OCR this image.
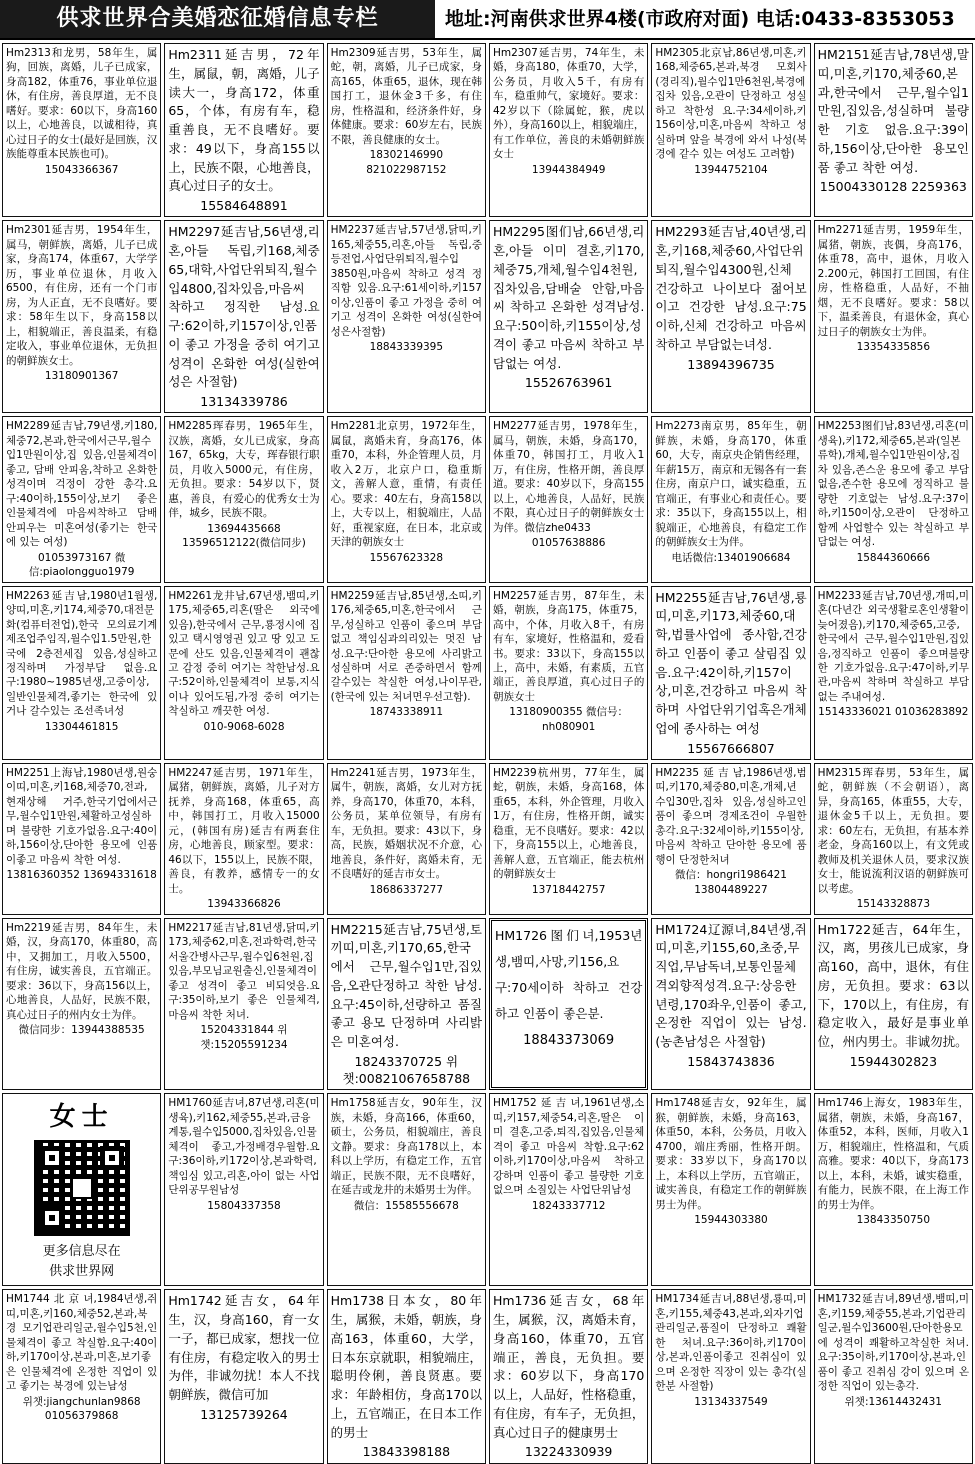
供求世界合美婚恋征婚信息专栏	地址:河南供求世界4楼(市政府对面) 电话:0433-8353053
Hm2313和龙男，58年生，属狗，回族，离婚，儿子已成家，身高182，体重76，事业单位退休，有住房，善良厚道，无不良嗜好。要求：60以下，身高160以上，心地善良，以诚相待，真心过日子的女士(最好是回族，汉族能尊重本民族也可)。
15043366367
Hm2311延吉男，72年生，属鼠，朝，离婚，儿子读大一，身高172，体重65，个体，有房有车，稳重善良，无不良嗜好。要求：49以下，身高155以上，民族不限，心地善良，真心过日子的女士。
15584648891
Hm2309延吉男，53年生，属蛇，朝，离婚，儿子已成家，身高165，体重65，退休，现在韩国打工，退休金3千多，有住房，性格温和，经济条件好，身体健康。要求：60岁左右，民族不限，善良健康的女士。
18302146990 821022987152
Hm2307延吉男，74年生，未婚，身高180，体重70，大学，公务员，月收入5千，有房有车，稳重帅气，家境好。要求：42岁以下（除属蛇，猴，虎以外），身高160以上，相貌端庄，有工作单位，善良的未婚朝鲜族女士
13944384949
HM2305北京남,86년생,미혼,키168,체중65,본과,북경 모회사(경리직),월수입1만6천원,북경에 집차 있음,오관이 단정하고 성실하고 착한성 요.구:34세이하,키156이상,미혼,마음씨 착하고 성실하며 앞을 북경에 와서 나성(북경에 같수 있는 여성도 고려함)
13944752104
HM2151延吉남,78년생,말띠,미혼,키170,체중60,본과,한국에서 근무,월수입1만원,집있음,성실하며 불량한 기호 없음.요구:39이하,156이상,단아한 용모인품 좋고 착한 여성.
15004330128 2259363
Hm2301延吉男，1954年生，属马，朝鲜族，离婚，儿子已成家，身高174，体重67，大学学历，事业单位退休，月收入6500，有住房，还有一个门市房，为人正直，无不良嗜好。要求：58年生以下，身高158以上，相貌端正，善良温柔，有稳定收入，事业单位退休，无负担的朝鲜族女士。
13180901367
HM2297延吉남,56년생,리혼,아들 독립,키168,체중65,대학,사업단위퇴직,월수입4800,집차있음,마음씨 착하고 정직한 남성.요구:62이하,키157이상,인품이 좋고 가정을 중히 여기고 성격이 온화한 여성(실한여성은 사절함)
13134339786
HM2237延吉남,57년생,닭띠,키165,체중55,리혼,아들 독립,중등전업,사업단위퇴직,월수입3850원,마음씨 착하고 성격 정직함 있음.요구:61세이하,키157이상,인품이 좋고 가정을 중히 여기고 성격이 온화한 여성(실한여성은사절함)
18843339395
HM2295图们남,66년생,리혼,아들 이미 결혼,키170,체중75,개체,월수입4천원,집차있음,담배술 안함,마음씨 착하고 온화한 성격남성.요구:50이하,키155이상,성격이 좋고 마음씨 착하고 부담없는 여성.
15526763961
HM2293延吉남,40년생,리혼,키168,체중60,사업단위 퇴직,월수입4300원,신체 건강하고 나이보다 젊어보이고 건강한 남성.요구:75이하,신체 건강하고 마음씨 착하고 부담없는녀성.
13894396735
Hm2271延吉男，1959年生，属猪，朝族，丧偶，身高176，体重78，高中，退休，月收入2.200元，韩国打工回国，有住房，性格稳重，人品好，不抽烟，无不良嗜好。要求：58以下，温柔善良，有退休金，真心过日子的朝族女士为伴。
13354335856
HM2289延吉남,79년생,키180,체중72,본과,한국에서근무,월수입1만원이상,집 있음,인물체격이 좋고, 담배 안피움,착하고 온화한 성격이며 걱정이 강한 총각.요구:40이하,155이상,보기 좋은 인물체격에 마음씨착하고 담배 안피우는 미혼여성(좋기는 한국에 있는 여성)
01053973167 微信:piaolongguo1979
HM2285珲春男，1965年生，汉族，离婚，女儿已成家，身高167，65kg，大专，珲春银行职员，月收入5000元，有住房，无负担。要求：54岁以下，贤惠，善良，有爱心的优秀女士为伴，城乡，民族不限。
13694435668 13596512122(微信同步)
Hm2281北京男，1972年生，属鼠，离婚未育，身高176，体重70，本科，外企管理人员，月收入2万，北京户口，稳重斯文，善解人意，重情，有责任心。要求：40左右，身高158以上，大专以上，相貌端庄，人品好，重视家庭，在日本，北京或天津的朝族女士
15567623328
HM2277延吉男，1978年生，属马，朝族，未婚，身高170，体重70，韩国打工，月收入1万，有住房，性格开朗，善良厚道。要求：40岁以下，身高155以上，心地善良，人品好，民族不限，真心过日子的朝鲜族女士为伴。微信zhe0433
01057638886
Hm2273南京男，85年生，朝鲜族，未婚，身高170，体重60，大专，南京央企销售经理，年薪15万，南京和无锡各有一套住房，南京户口，诚实稳重，五官端正，有事业心和责任心。要求：35以下，身高155以上，相貌端正，心地善良，有稳定工作的朝鲜族女士为伴。
电话微信:13401906684
HM2253图们남,83년생,리혼(미생육),키172,체중65,본과(일본류학),개체,월수입1만원이상,집차 있음,존스운 용모에 좋고 부담없음,존수한 용모에 정직하고 불량한 기호없는 남성.요구:37이하,키150이상,오관이 단정하고 함께 사업할수 있는 착실하고 부담없는 여성.
15844360666
HM2263延吉남,1980년1월생,양띠,미혼,키174,체중70,대전문화(컴퓨터전업),한국 모의료기계제조업주임직,월수입1.5만원,한국에 2층전세집 있음,성실하고 정직하며 가정부담 없음.요구:1980~1985년생,고중이상,일반인물체격,좋기는 한국에 있거나 갈수있는 조선족녀성
13304461815
HM2261龙井남,67년생,뱀띠,키175,체중65,리혼(딸은 외국에 있음),한국에서 근무,룡정시에 집있고 택시영영권 있고 땅 있고 도문에 산도 있음,인물체격이 괜찮고 감정 중히 여기는 착한남성.요구:52이하,인물체격이 보통,지식이나 있어도됨,가정 중히 여기는 착실하고 깨끗한 여성.
010-9068-6028
HM2259延吉남,85년생,소띠,키176,체중65,미혼,한국에서 근무,성실하고 인품이 좋으며 부담없고 책임심과의리있는 멋진 남성.요구:단아한 용모에 사리밝고 성실하며 서로 존중하면서 함께 갈수있는 착실한 여성,나이무관,(한국에 있는 처녀면우선고함).
18743338911
HM2257延吉男，87年生，未婚，朝族，身高175，体重75，高中，个体，月收入8千，有房有车，家境好，性格温和，爱看书。要求：33以下，身高155以上，高中，未婚，有素质，五官端正，善良厚道，真心过日子的朝族女士
13180900355 微信号：nh080901
HM2255延吉남,76년생,룡띠,미혼,키173,체중60,대학,법률사업에 종사함,건강하고 인품이 좋고 살림집 있음.요구:42이하,키157이상,미혼,건강하고 마음씨 착하며 사업단위기업혹은개체업에 종사하는 여성
15567666807
HM2233延吉남,70년생,개띠,미혼(다년간 외국생활로혼인생활이 늦어졌음),키170,체중65,고중,한국에서 근무,월수입1만원,집있음,정직하고 인품이 좋으며불량한 기호가없음.요구:47이하,키무관,마음씨 착하며 착실하고 부담없는 주내여성.
15143336021 01036283892
HM2251上海남,1980년생,원숭이띠,미혼,키168,체중70,전과,현재상해 거주,한국기업에서근무,월수입1만원,체활하고성실하며 불량한 기호가없음.요구:40이하,156이상,단아한 용모에 인품이좋고 마음씨 착한 여성.
13816360352 13694331618
HM2247延吉男，1971年生，属猪，朝鲜族，离婚，儿子对方抚养，身高168，体重65，高中，韩国打工，月收入15000元，(韩国有房)延吉有两套住房，心地善良，顾家型。要求：46以下，155以上，民族不限，善良，有教养，感情专一的女士。
13943366826
Hm2241延吉男，1973年生，属牛，朝族，离婚，女儿对方抚养，身高170，体重70，本科，公务员，某单位领导，有房有车，无负担。要求：43以下，身高，民族，婚姻状况不介意，心地善良，条件好，离婚未育，无不良嗜好的延吉市女士。
18686337277
HM2239杭州男，77年生，属蛇，朝族，未婚，身高168，体重65，本科，外企管理，月收入1万，有住房，性格开朗，诚实稳重，无不良嗜好。要求：42以下，身高155以上，心地善良，善解人意，五官端正，能去杭州的朝鲜族女士
13718442757
HM2235延吉남,1986년생,범띠,키170,체중80,미혼,개체,년수입30만,집차 있음,성실하고인품이 좋으며 경제조건이 우월한 총각.요구:32세이하,키155이상,마음씨 착하고 단아한 용모에 품행이 단정한처녀
微信：hongri1986421 13804489227
HM2315珲春男，53年生，属蛇，朝鲜族（不会朝语），离异，身高165，体重55，大专，退休金5千以上，无负担。要求：60左右，无负担，有基本养老金，身高160以上，有文凭或教师及机关退休人员，要求汉族女士，能说流利汉语的朝鲜族可以考虑。
15143328873
Hm2219延吉男，84年生，未婚，汉，身高170，体重80，高中，又拥加工，月收入5500，有住房，诚实善良，五官端正。要求：36以下，身高156以上，心地善良，人品好，民族不限，真心过日子的州内女士为伴。
微信同步：13944388535
HM2217延吉남,81년생,닭띠,키173,체중62,미혼,전과학력,한국서울간병사근무,월수입6천원,집있음,부모님교원출신,인물체격이 좋고 성격이 좋고 비되엇음.요구:35이하,보기 좋은 인물체격,마음씨 착한 처녀.
15204331844 위챗:15205591234
HM2215延吉남,75년생,토끼띠,미혼,키170,65,한국에서 근무,월수입1만,집있음,오관단정하고 착한 남성.요구:45이하,선량하고 품질좋고 용모 단정하며 사리밝은 미혼여성.
18243370725 위챗:00821067658788
HM1726图们녀,1953년생,뱀띠,사망,키156,요구:70세이하 착하고 건강하고 인품이 좋은분.
18843373069
HM1724辽源녀,84년생,쥐띠,미혼,키155,60,초중,무직업,무남독녀,보통인물체격외향적성격.요구:상응한 년령,170좌우,인품이 좋고,온정한 직업이 있는 남성.(농촌남성은 사절함)
15843743836
Hm1722延吉，64年生，汉，离，男孩儿已成家，身高160，高中，退休，有住房，无负担。要求：63以下，170以上，有住房，有稳定收入，最好是事业单位，州内男士。非诚勿扰。
15944302823
女士
更多信息尽在
供求世界网
HM1760延吉녀,87년생,리혼(미생육),키162,체중55,본과,금융계통,월수입5000,집차있음,인물체격이 좋고,가정배경우월함.요구:36이하,키172이상,본과학력,책임심 있고,리혼,아이 없는 사업단위공무원남성
15804337358
Hm1758延吉女，90年生，汉族，未婚，身高166，体重60，硕士，公务员，相貌端庄，善良文静。要求：身高178以上，本科以上学历，有稳定工作，五官端正，民族不限，无不良嗜好，在延吉或龙井的未婚男士为伴。
微信：15585556678
HM1752延吉녀,1961년생,소띠,키157,체중54,리혼,딸은 이미 결혼,고중,퇴직,집있음,인물체격이 좋고 마음씨 착함.요구:62이하,키170이상,마음씨 착하고 강하며 인품이 좋고 불량한 기호 없으며 소질있는 사업단위남성
18243337712
Hm1748延吉女，92年生，属猴，朝鲜族，未婚，身高163，体重50，本科，公务员，月收入4700，端庄秀丽，性格开朗。要求：33岁以下，身高170以上，本科以上学历，五官端正，诚实善良，有稳定工作的朝鲜族男士为伴。
15944303380
Hm1746上海女，1983年生，属猪，朝族，未婚，身高167，体重52，本科，医师，月收入1万，相貌端庄，性格温和，气质高雅。要求：40以下，身高173以上，本科，未婚，诚实稳重，有能力，民族不限，在上海工作的男士为伴。
13843350750
HM1744北京녀,1984년생,쥐띠,미혼,키160,체중52,본과,북경 모기업관리일군,월수입5천,인물체격이 좋고 착실함.요구:40이하,키170이상,본과,미혼,보기좋은 인물체격에 온정한 직업이 있고 좋기는 북경에 있는남성
위챗:jiangchunlan9868 01056379868
Hm1742延吉女，64年生，汉，身高160，育一女一子，都已成家，想找一位有住房，有稳定收入的男士为伴，非诚勿扰！本人不找朝鲜族，微信可加
13125739264
Hm1738日本女，80年生，属猴，未婚，朝族，身高163，体重60，大学，日本东京就职，相貌端庄，聪明伶俐，善良贤惠。要求：年龄相仿，身高170以上，五官端正，在日本工作的男士
13843398188
Hm1736延吉女，68年生，属猴，汉，离婚未育，身高160，体重70，五官端正，善良，无负担。要求：60岁以下，身高170以上，人品好，性格稳重，有住房，有车子，无负担，真心过日子的健康男士
13224330939
HM1734延吉녀,88년생,룡띠,미혼,키155,체중43,본과,외자기업관리일군,품질이 단정하고 쾌활한 처녀.요구:36이하,키170이상,본과,인품이좋고 진취심이 있으며 온정한 직장이 있는 총각(실한분 사절함)
13134337549
HM1732延吉녀,89년생,뱀띠,미혼,키159,체중55,본과,기업관리일군,월수입3600원,단아한용모에 성격이 쾌활하고착실한 처녀.요구:35이하,키170이상,본과,인품이 좋고 진취심 강이 있으며 온정한 직업이 있는총각.
위챗:13614432431
